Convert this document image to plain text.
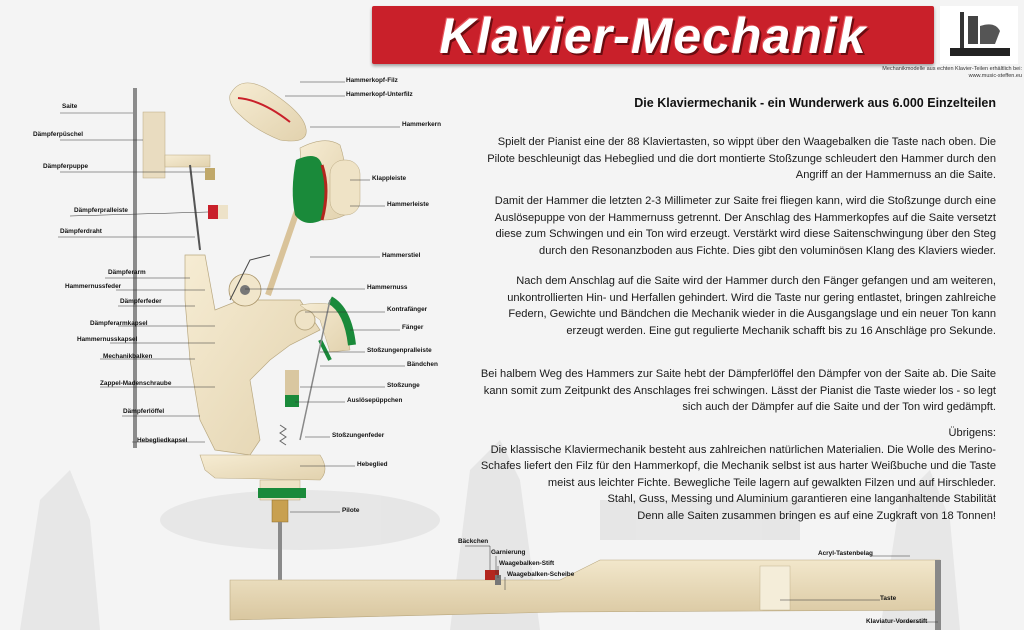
Klavier-Mechanik
Mechanikmodelle aus echten Klavier-Teilen erhältlich bei:
www.music-steffen.eu
Die Klaviermechanik - ein Wunderwerk aus 6.000 Einzelteilen
Spielt der Pianist eine der 88 Klaviertasten, so wippt über den Waagebalken die Taste nach oben. Die Pilote beschleunigt das Hebeglied und die dort montierte Stoßzunge schleudert den Hammer durch den Angriff an der Hammernuss an die Saite.
Damit der Hammer die letzten 2-3 Millimeter zur Saite frei fliegen kann, wird die Stoßzunge durch eine Auslösepuppe von der Hammernuss getrennt. Der Anschlag des Hammerkopfes auf die Saite versetzt diese zum Schwingen und ein Ton wird erzeugt. Verstärkt wird diese Saitenschwingung über den Steg durch den Resonanzboden aus Fichte. Dies gibt den voluminösen Klang des Klaviers wieder.
Nach dem Anschlag auf die Saite wird der Hammer durch den Fänger gefangen und am weiteren, unkontrollierten Hin- und Herfallen gehindert. Wird die Taste nur gering entlastet, bringen zahlreiche Federn, Gewichte und Bändchen die Mechanik wieder in die Ausgangslage und ein neuer Ton kann erzeugt werden. Eine gut regulierte Mechanik schafft bis zu 16 Anschläge pro Sekunde.
Bei halbem Weg des Hammers zur Saite hebt der Dämpferlöffel den Dämpfer von der Saite ab. Die Saite kann somit zum Zeitpunkt des Anschlages frei schwingen. Lässt der Pianist die Taste wieder los - so legt sich auch der Dämpfer auf die Saite und der Ton wird gedämpft.
Übrigens:
Die klassische Klaviermechanik besteht aus zahlreichen natürlichen Materialien. Die Wolle des Merino-Schafes liefert den Filz für den Hammerkopf, die Mechanik selbst ist aus harter Weißbuche und die Taste meist aus leichter Fichte. Bewegliche Teile lagern auf gewalkten Filzen und auf Hirschleder.
Stahl, Guss, Messing und Aluminium garantieren eine langanhaltende Stabilität
Denn alle Saiten zusammen bringen es auf eine Zugkraft von 18 Tonnen!
Saite
Dämpferpüschel
Dämpferpuppe
Dämpferpralleiste
Dämpferdraht
Dämpferarm
Hammernussfeder
Dämpferfeder
Dämpferarmkapsel
Hammernusskapsel
Mechanikbalken
Zappel-Madenschraube
Dämpferlöffel
Hebegliedkapsel
Hammerkopf-Filz
Hammerkopf-Unterfilz
Hammerkern
Klappleiste
Hammerleiste
Hammerstiel
Hammernuss
Kontrafänger
Fänger
Stoßzungenpralleiste
Bändchen
Stoßzunge
Auslösepüppchen
Stoßzungenfeder
Hebeglied
Pilote
Bäckchen
Garnierung
Waagebalken-Stift
Waagebalken-Scheibe
Acryl-Tastenbelag
Taste
Klaviatur-Vorderstift
